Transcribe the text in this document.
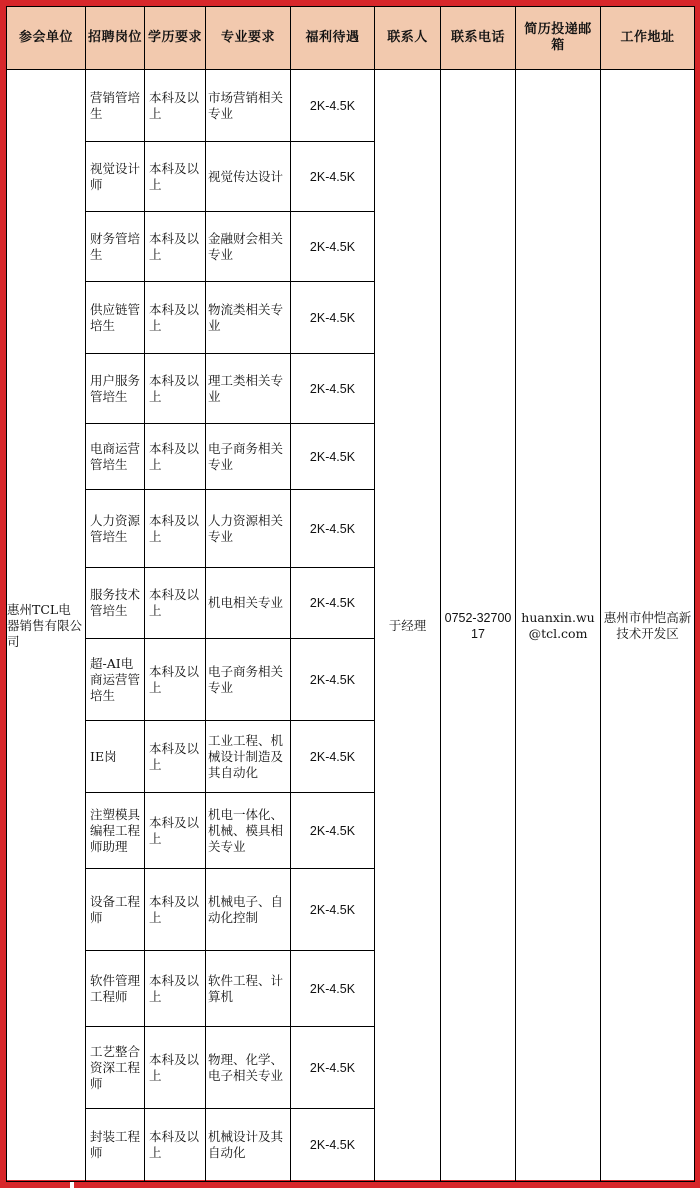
参会单位	招聘岗位	学历要求	专业要求	福利待遇	联系人	联系电话	简历投递邮箱	工作地址
惠州TCL电器销售有限公司	营销管培生	本科及以上	市场营销相关专业	2K-4.5K	于经理	0752-3270017	huanxin.wu@tcl.com	惠州市仲恺高新技术开发区
	视觉设计师	本科及以上	视觉传达设计	2K-4.5K				
	财务管培生	本科及以上	金融财会相关专业	2K-4.5K				
	供应链管培生	本科及以上	物流类相关专业	2K-4.5K				
	用户服务管培生	本科及以上	理工类相关专业	2K-4.5K				
	电商运营管培生	本科及以上	电子商务相关专业	2K-4.5K				
	人力资源管培生	本科及以上	人力资源相关专业	2K-4.5K				
	服务技术管培生	本科及以上	机电相关专业	2K-4.5K				
	超-AI电商运营管培生	本科及以上	电子商务相关专业	2K-4.5K				
	IE岗	本科及以上	工业工程、机械设计制造及其自动化	2K-4.5K				
	注塑模具编程工程师助理	本科及以上	机电一体化、机械、模具相关专业	2K-4.5K				
	设备工程师	本科及以上	机械电子、自动化控制	2K-4.5K				
	软件管理工程师	本科及以上	软件工程、计算机	2K-4.5K				
	工艺整合资深工程师	本科及以上	物理、化学、电子相关专业	2K-4.5K				
	封装工程师	本科及以上	机械设计及其自动化	2K-4.5K				
